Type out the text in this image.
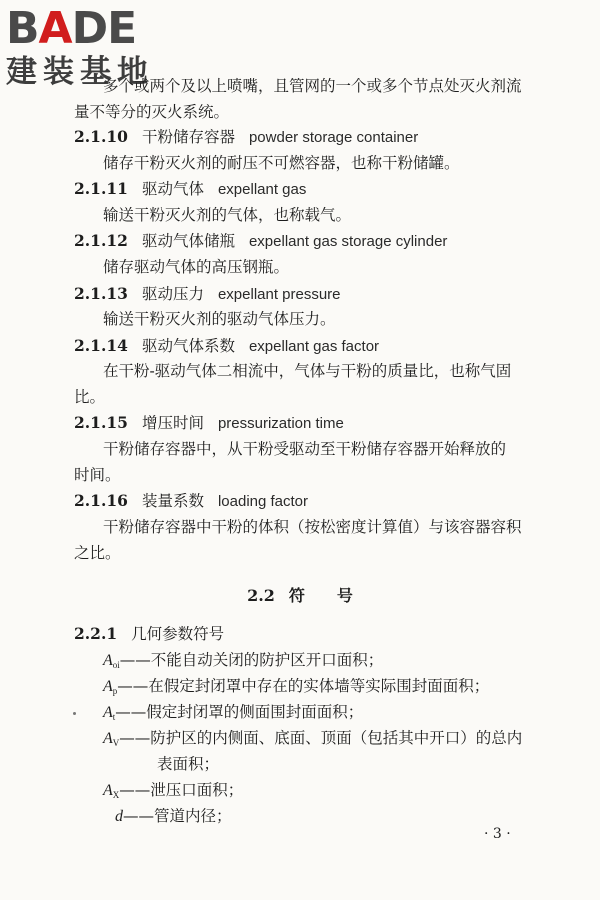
BADE
建装基地
多个或两个及以上喷嘴，且管网的一个或多个节点处灭火剂流
量不等分的灭火系统。
2.1.10 干粉储存容器 powder storage container
储存干粉灭火剂的耐压不可燃容器，也称干粉储罐。
2.1.11 驱动气体 expellant gas
输送干粉灭火剂的气体，也称载气。
2.1.12 驱动气体储瓶 expellant gas storage cylinder
储存驱动气体的高压钢瓶。
2.1.13 驱动压力 expellant pressure
输送干粉灭火剂的驱动气体压力。
2.1.14 驱动气体系数 expellant gas factor
在干粉-驱动气体二相流中，气体与干粉的质量比，也称气固
比。
2.1.15 增压时间 pressurization time
干粉储存容器中，从干粉受驱动至干粉储存容器开始释放的
时间。
2.1.16 装量系数 loading factor
干粉储存容器中干粉的体积（按松密度计算值）与该容器容积
之比。
2.2 符　　号
2.2.1 几何参数符号
$A_{oi}——$不能自动关闭的防护区开口面积；
$A_p——$在假定封闭罩中存在的实体墙等实际围封面面积；
$A_t——$假定封闭罩的侧面围封面面积；
$A_V——$防护区的内侧面、底面、顶面（包括其中开口）的总内
表面积；
$A_X——$泄压口面积；
d——管道内径；
· 3 ·
